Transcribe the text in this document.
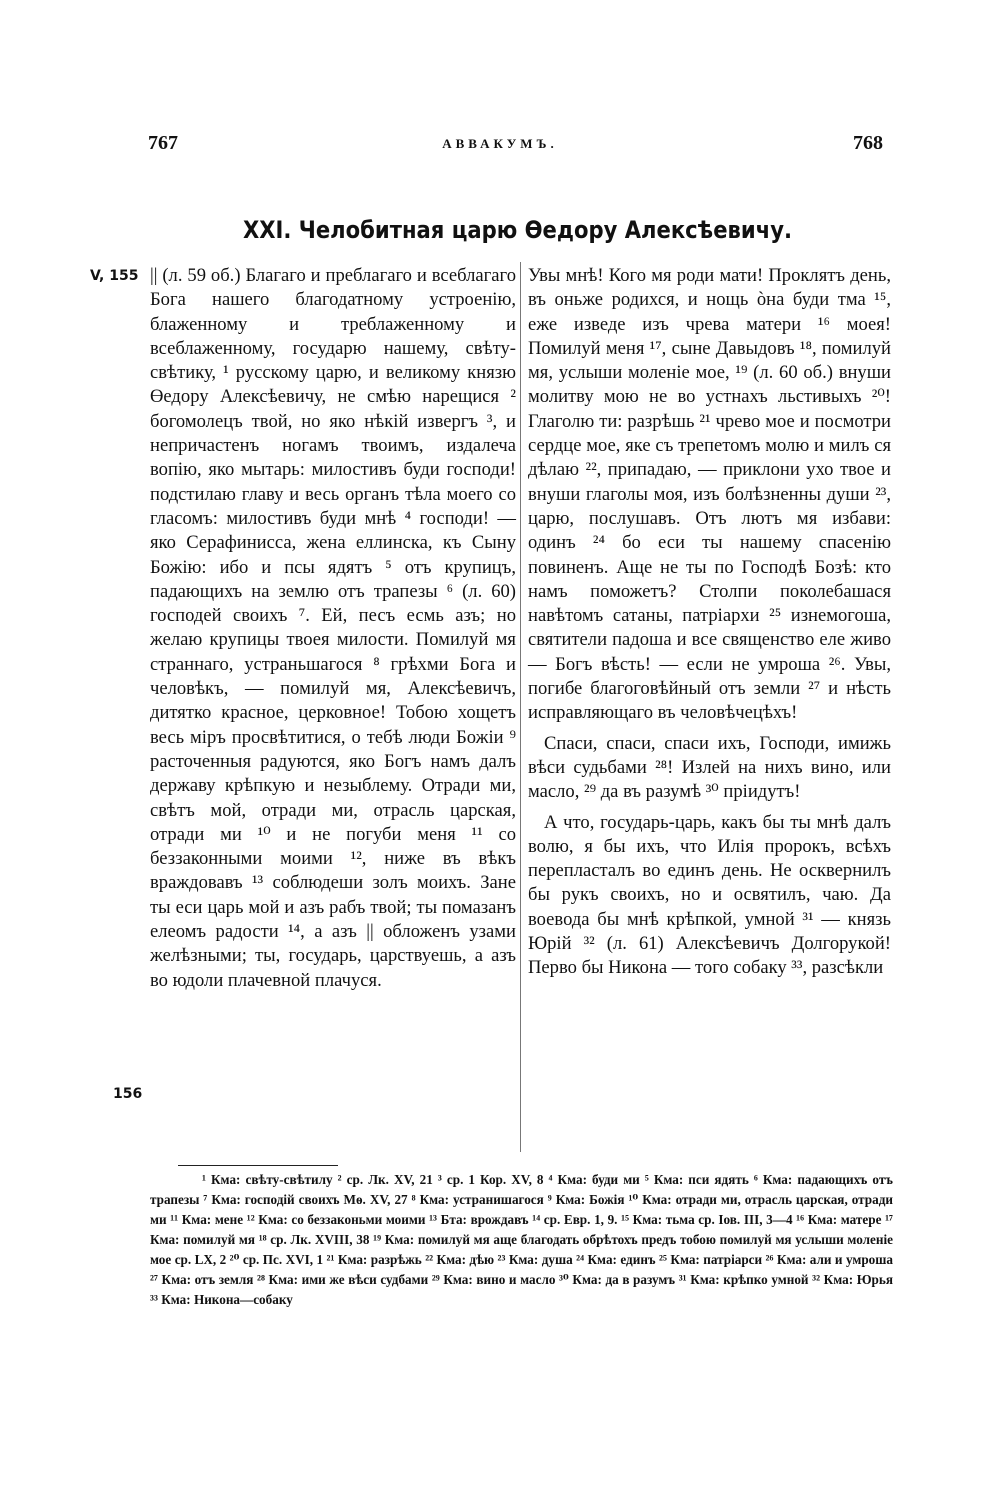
767	АВВАКУМЪ.	768
XXI. Челобитная царю Өедору Алексѣевичу.
V, 155
156

|| (л. 59 об.) Благаго и преблагаго и всеблагаго Бога нашего благодатному устроенію, блаженному и треблаженному и всеблаженному, государю нашему, свѣту-свѣтику, ¹ русскому царю, и великому князю Өедору Алексѣевичу, не смѣю нарещися ² богомолецъ твой, но яко нѣкій извергъ ³, и непричастенъ ногамъ твоимъ, издалеча вопію, яко мытарь: милостивъ буди господи! подстилаю главу и весь органъ тѣла моего со гласомъ: милостивъ буди мнѣ ⁴ господи! — яко Серафинисса, жена еллинска, къ Сыну Божію: ибо и псы ядятъ ⁵ отъ крупицъ, падающихъ на землю отъ трапезы ⁶ (л. 60) господей своихъ ⁷. Ей, песъ есмь азъ; но желаю крупицы твоея милости. Помилуй мя страннаго, устраньшагося ⁸ грѣхми Бога и человѣкъ, — помилуй мя, Алексѣевичъ, дитятко красное, церковное! Тобою хощетъ весь міръ просвѣтитися, о тебѣ люди Божіи ⁹ расточенныя радуются, яко Богъ намъ далъ державу крѣпкую и незыблему. Отради ми, свѣтъ мой, отради ми, отрасль царская, отради ми ¹⁰ и не погуби меня ¹¹ со беззаконными моими ¹², ниже въ вѣкъ враждовавъ ¹³ соблюдеши золъ моихъ. Зане ты еси царь мой и азъ рабъ твой; ты помазанъ елеомъ радости ¹⁴, а азъ || обложенъ узами желѣзными; ты, государь, царствуешь, а азъ во юдоли плачевной плачуся.

Увы мнѣ! Кого мя роди мати! Проклятъ день, въ оньже родихся, и нощь òна буди тма ¹⁵, еже изведе изъ чрева матери ¹⁶ моея! Помилуй меня ¹⁷, сыне Давыдовъ ¹⁸, помилуй мя, услыши моленіе мое, ¹⁹ (л. 60 об.) внуши молитву мою не во устнахъ льстивыхъ ²⁰! Глаголю ти: разрѣшь ²¹ чрево мое и посмотри сердце мое, яке съ трепетомъ молю и милъ ся дѣлаю ²², припадаю, — приклони ухо твое и внуши глаголы моя, изъ болѣзненны души ²³, царю, послушавъ. Отъ лютъ мя избави: одинъ ²⁴ бо еси ты нашему спасенію повиненъ. Аще не ты по Господѣ Бозѣ: кто намъ поможетъ? Столпи поколебашася навѣтомъ сатаны, патріархи ²⁵ изнемогоша, святители падоша и все священство еле живо — Богъ вѣсть! — если не умроша ²⁶. Увы, погибе благоговѣйный отъ земли ²⁷ и нѣсть исправляющаго въ человѣчецѣхъ!

Спаси, спаси, спаси ихъ, Господи, имижь вѣси судьбами ²⁸! Излей на нихъ вино, или масло, ²⁹ да въ разумѣ ³⁰ пріидутъ!

А что, государь-царь, какъ бы ты мнѣ далъ волю, я бы ихъ, что Илія пророкъ, всѣхъ перепласталъ во единъ день. Не осквернилъ бы рукъ своихъ, но и освятилъ, чаю. Да воевода бы мнѣ крѣпкой, умной ³¹ — князь Юрій ³² (л. 61) Алексѣевичъ Долгорукой! Перво бы Никона — того собаку ³³, разсѣкли

¹ Кма: свѣту-свѣтилу ² ср. Лк. XV, 21 ³ ср. 1 Кор. XV, 8 ⁴ Кма: буди ми ⁵ Кма: пси ядять ⁶ Кма: падающихъ отъ трапезы ⁷ Кма: господій своихъ Мѳ. XV, 27 ⁸ Кма: устранишагося ⁹ Кма: Божія ¹⁰ Кма: отради ми, отрасль царская, отради ми ¹¹ Кма: мене ¹² Кма: со беззаконьми моими ¹³ Бта: врождавъ ¹⁴ ср. Евр. 1, 9. ¹⁵ Кма: тьма ср. Іов. III, 3—4 ¹⁶ Кма: матере ¹⁷ Кма: помилуй мя ¹⁸ ср. Лк. XVIII, 38 ¹⁹ Кма: помилуй мя аще благодать обрѣтохъ предъ тобою помилуй мя услыши моленіе мое ср. LX, 2 ²⁰ ср. Пс. XVI, 1 ²¹ Кма: разрѣжь ²² Кма: дѣю ²³ Кма: душа ²⁴ Кма: единъ ²⁵ Кма: патріарси ²⁶ Кма: али и умроша ²⁷ Кма: отъ земля ²⁸ Кма: ими же вѣси судбами ²⁹ Кма: вино и масло ³⁰ Кма: да в разумъ ³¹ Кма: крѣпко умной ³² Кма: Юрья ³³ Кма: Никона—собаку
